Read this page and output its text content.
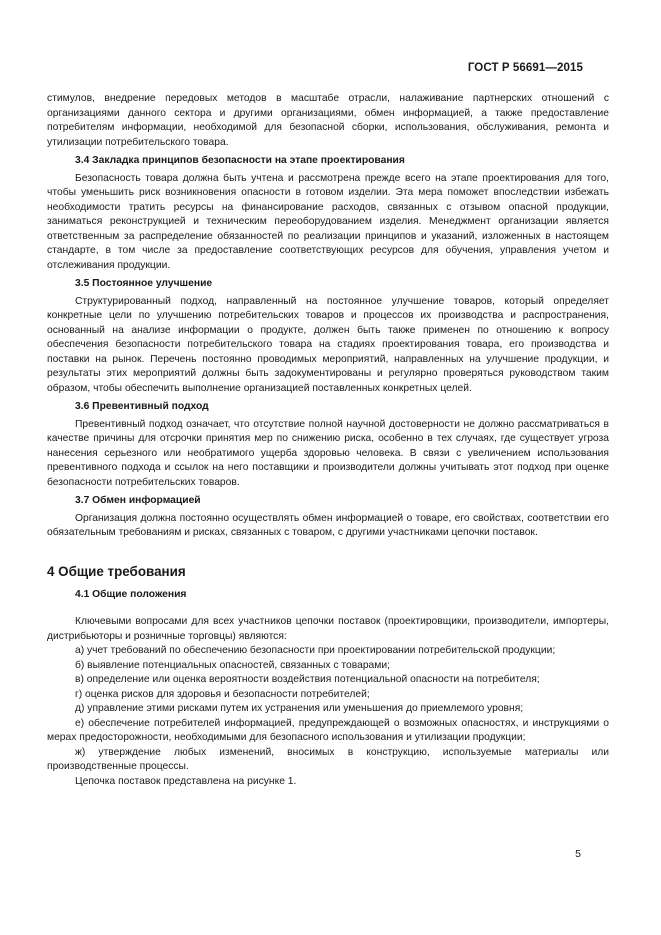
ГОСТ Р 56691—2015

стимулов, внедрение передовых методов в масштабе отрасли, налаживание партнерских отношений с организациями данного сектора и другими организациями, обмен информацией, а также предоставление потребителям информации, необходимой для безопасной сборки, использования, обслуживания, ремонта и утилизации потребительского товара.

3.4 Закладка принципов безопасности на этапе проектирования

Безопасность товара должна быть учтена и рассмотрена прежде всего на этапе проектирования для того, чтобы уменьшить риск возникновения опасности в готовом изделии. Эта мера поможет впоследствии избежать необходимости тратить ресурсы на финансирование расходов, связанных с отзывом опасной продукции, заниматься реконструкцией и техническим переоборудованием изделия. Менеджмент организации является ответственным за распределение обязанностей по реализации принципов и указаний, изложенных в настоящем стандарте, в том числе за предоставление соответствующих ресурсов для обучения, управления учетом и отслеживания продукции.

3.5 Постоянное улучшение

Структурированный подход, направленный на постоянное улучшение товаров, который определяет конкретные цели по улучшению потребительских товаров и процессов их производства и распространения, основанный на анализе информации о продукте, должен быть также применен по отношению к вопросу обеспечения безопасности потребительского товара на стадиях проектирования товара, его производства и поставки на рынок. Перечень постоянно проводимых мероприятий, направленных на улучшение продукции, и результаты этих мероприятий должны быть задокументированы и регулярно проверяться руководством таким образом, чтобы обеспечить выполнение организацией поставленных конкретных целей.

3.6 Превентивный подход

Превентивный подход означает, что отсутствие полной научной достоверности не должно рассматриваться в качестве причины для отсрочки принятия мер по снижению риска, особенно в тех случаях, где существует угроза нанесения серьезного или необратимого ущерба здоровью человека. В связи с увеличением использования превентивного подхода и ссылок на него поставщики и производители должны учитывать этот подход при оценке безопасности потребительских товаров.

3.7 Обмен информацией

Организация должна постоянно осуществлять обмен информацией о товаре, его свойствах, соответствии его обязательным требованиям и рисках, связанных с товаром, с другими участниками цепочки поставок.

4 Общие требования

4.1 Общие положения

Ключевыми вопросами для всех участников цепочки поставок (проектировщики, производители, импортеры, дистрибьюторы и розничные торговцы) являются:

а) учет требований по обеспечению безопасности при проектировании потребительской продукции;

б) выявление потенциальных опасностей, связанных с товарами;

в) определение или оценка вероятности воздействия потенциальной опасности на потребителя;

г) оценка рисков для здоровья и безопасности потребителей;

д) управление этими рисками путем их устранения или уменьшения до приемлемого уровня;

е) обеспечение потребителей информацией, предупреждающей о возможных опасностях, и инструкциями о мерах предосторожности, необходимыми для безопасного использования и утилизации продукции;

ж) утверждение любых изменений, вносимых в конструкцию, используемые материалы или производственные процессы.

Цепочка поставок представлена на рисунке 1.

5
